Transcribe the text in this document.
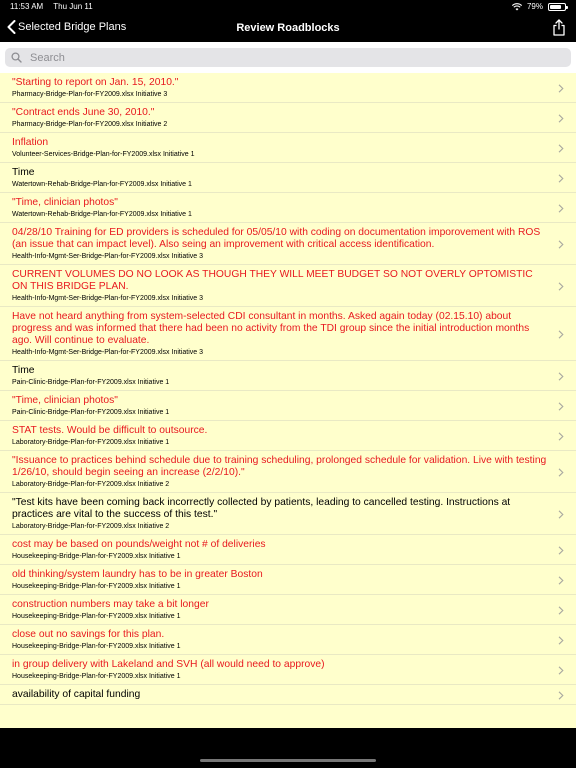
11:53 AM Thu Jun 11	79%
Selected Bridge Plans	Review Roadblocks
Search
"Starting to report on Jan. 15, 2010."
Pharmacy-Bridge-Plan-for-FY2009.xlsx Initiative 3
"Contract ends June 30, 2010."
Pharmacy-Bridge-Plan-for-FY2009.xlsx Initiative 2
Inflation
Volunteer-Services-Bridge-Plan-for-FY2009.xlsx Initiative 1
Time
Watertown-Rehab-Bridge-Plan-for-FY2009.xlsx Initiative 1
"Time, clinician photos"
Watertown-Rehab-Bridge-Plan-for-FY2009.xlsx Initiative 1
04/28/10 Training for ED providers is scheduled for 05/05/10 with coding on documentation imporovement with ROS (an issue that can impact level). Also seing an improvement with critical access identification.
Health-Info-Mgmt-Ser-Bridge-Plan-for-FY2009.xlsx Initiative 3
CURRENT VOLUMES DO NO LOOK AS THOUGH THEY WILL MEET BUDGET SO NOT OVERLY OPTOMISTIC ON THIS BRIDGE PLAN.
Health-Info-Mgmt-Ser-Bridge-Plan-for-FY2009.xlsx Initiative 3
Have not heard anything from system-selected CDI consultant in months. Asked again today (02.15.10) about progress and was informed that there had been no activity from the TDI group since the initial introduction months ago. Will continue to evaluate.
Health-Info-Mgmt-Ser-Bridge-Plan-for-FY2009.xlsx Initiative 3
Time
Pain-Clinic-Bridge-Plan-for-FY2009.xlsx Initiative 1
"Time, clinician photos"
Pain-Clinic-Bridge-Plan-for-FY2009.xlsx Initiative 1
STAT tests. Would be difficult to outsource.
Laboratory-Bridge-Plan-for-FY2009.xlsx Initiative 1
"Issuance to practices behind schedule due to training scheduling, prolonged schedule for validation. Live with testing 1/26/10, should begin seeing an increase (2/2/10)."
Laboratory-Bridge-Plan-for-FY2009.xlsx Initiative 2
"Test kits have been coming back incorrectly collected by patients, leading to cancelled testing. Instructions at practices are vital to the success of this test."
Laboratory-Bridge-Plan-for-FY2009.xlsx Initiative 2
cost may be based on pounds/weight not # of deliveries
Housekeeping-Bridge-Plan-for-FY2009.xlsx Initiative 1
old thinking/system laundry has to be in greater Boston
Housekeeping-Bridge-Plan-for-FY2009.xlsx Initiative 1
construction numbers may take a bit longer
Housekeeping-Bridge-Plan-for-FY2009.xlsx Initiative 1
close out no savings for this plan.
Housekeeping-Bridge-Plan-for-FY2009.xlsx Initiative 1
in group delivery with Lakeland and SVH (all would need to approve)
Housekeeping-Bridge-Plan-for-FY2009.xlsx Initiative 1
availability of capital funding
